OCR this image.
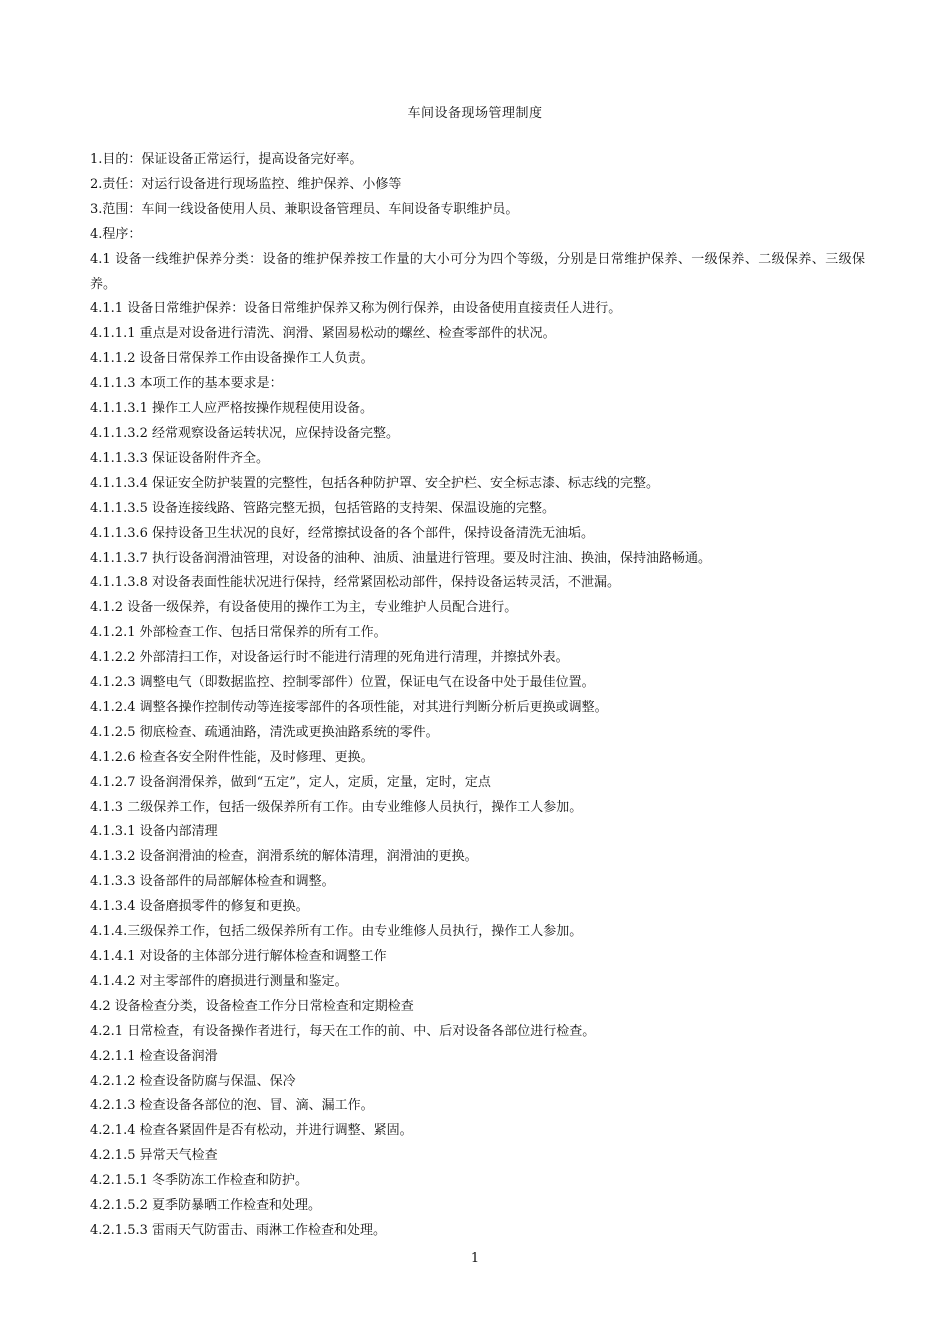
车间设备现场管理制度
1.目的：保证设备正常运行，提高设备完好率。
2.责任：对运行设备进行现场监控、维护保养、小修等
3.范围：车间一线设备使用人员、兼职设备管理员、车间设备专职维护员。
4.程序：
4.1 设备一线维护保养分类：设备的维护保养按工作量的大小可分为四个等级，分别是日常维护保养、一级保养、二级保养、三级保养。
4.1.1 设备日常维护保养：设备日常维护保养又称为例行保养，由设备使用直接责任人进行。
4.1.1.1 重点是对设备进行清洗、润滑、紧固易松动的螺丝、检查零部件的状况。
4.1.1.2 设备日常保养工作由设备操作工人负责。
4.1.1.3 本项工作的基本要求是：
4.1.1.3.1 操作工人应严格按操作规程使用设备。
4.1.1.3.2 经常观察设备运转状况，应保持设备完整。
4.1.1.3.3 保证设备附件齐全。
4.1.1.3.4 保证安全防护装置的完整性，包括各种防护罩、安全护栏、安全标志漆、标志线的完整。
4.1.1.3.5 设备连接线路、管路完整无损，包括管路的支持架、保温设施的完整。
4.1.1.3.6 保持设备卫生状况的良好，经常擦拭设备的各个部件，保持设备清洗无油垢。
4.1.1.3.7 执行设备润滑油管理，对设备的油种、油质、油量进行管理。要及时注油、换油，保持油路畅通。
4.1.1.3.8 对设备表面性能状况进行保持，经常紧固松动部件，保持设备运转灵活，不泄漏。
4.1.2 设备一级保养，有设备使用的操作工为主，专业维护人员配合进行。
4.1.2.1 外部检查工作、包括日常保养的所有工作。
4.1.2.2 外部清扫工作，对设备运行时不能进行清理的死角进行清理，并擦拭外表。
4.1.2.3 调整电气（即数据监控、控制零部件）位置，保证电气在设备中处于最佳位置。
4.1.2.4 调整各操作控制传动等连接零部件的各项性能，对其进行判断分析后更换或调整。
4.1.2.5 彻底检查、疏通油路，清洗或更换油路系统的零件。
4.1.2.6 检查各安全附件性能，及时修理、更换。
4.1.2.7 设备润滑保养，做到“五定”，定人，定质，定量，定时，定点
4.1.3 二级保养工作，包括一级保养所有工作。由专业维修人员执行，操作工人参加。
4.1.3.1 设备内部清理
4.1.3.2 设备润滑油的检查，润滑系统的解体清理，润滑油的更换。
4.1.3.3 设备部件的局部解体检查和调整。
4.1.3.4 设备磨损零件的修复和更换。
4.1.4.三级保养工作，包括二级保养所有工作。由专业维修人员执行，操作工人参加。
4.1.4.1 对设备的主体部分进行解体检查和调整工作
4.1.4.2 对主零部件的磨损进行测量和鉴定。
4.2 设备检查分类，设备检查工作分日常检查和定期检查
4.2.1 日常检查，有设备操作者进行，每天在工作的前、中、后对设备各部位进行检查。
4.2.1.1 检查设备润滑
4.2.1.2 检查设备防腐与保温、保冷
4.2.1.3 检查设备各部位的泡、冒、滴、漏工作。
4.2.1.4 检查各紧固件是否有松动，并进行调整、紧固。
4.2.1.5 异常天气检查
4.2.1.5.1 冬季防冻工作检查和防护。
4.2.1.5.2 夏季防暴晒工作检查和处理。
4.2.1.5.3 雷雨天气防雷击、雨淋工作检查和处理。
1
